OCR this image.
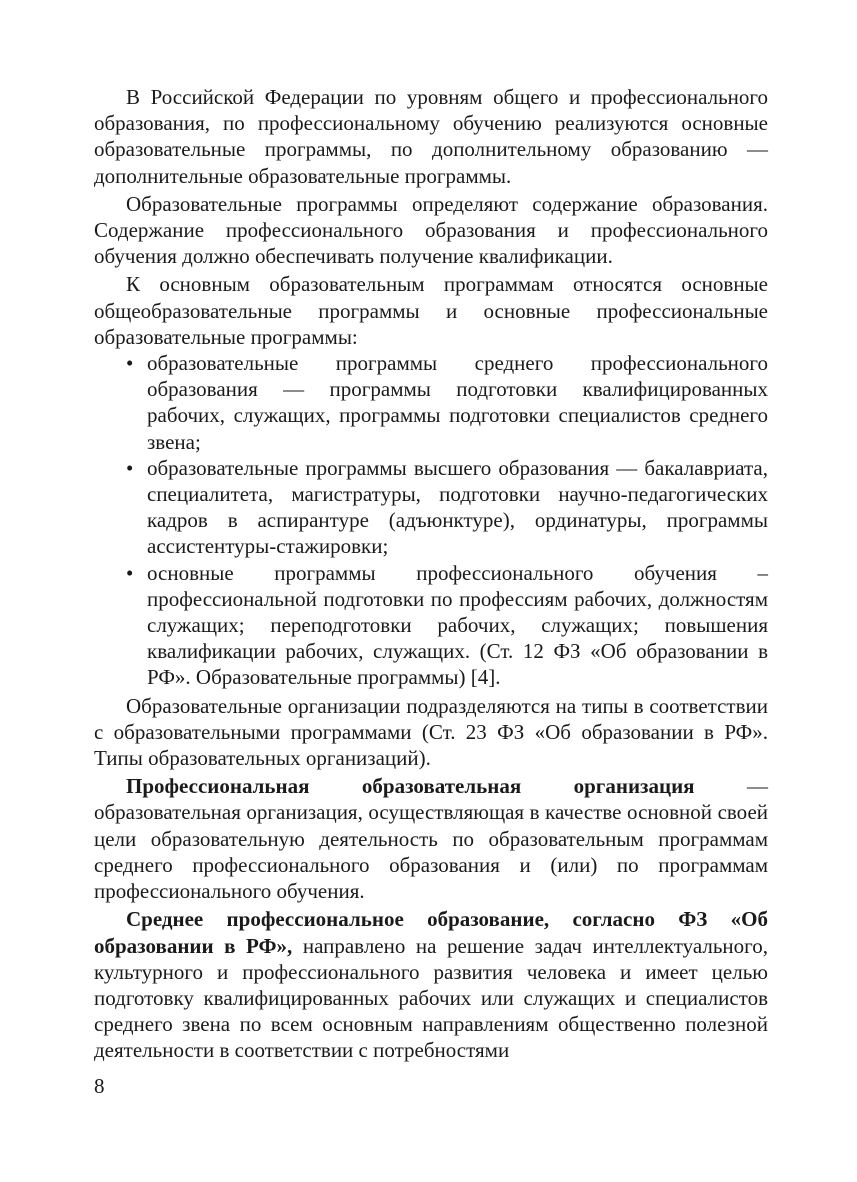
В Российской Федерации по уровням общего и профессионального образования, по профессиональному обучению реализуются основные образовательные программы, по дополнительному образованию — дополнительные образовательные программы.

Образовательные программы определяют содержание образования. Содержание профессионального образования и профессионального обучения должно обеспечивать получение квалификации.

К основным образовательным программам относятся основные общеобразовательные программы и основные профессиональные образовательные программы:

• образовательные программы среднего профессионального образования — программы подготовки квалифицированных рабочих, служащих, программы подготовки специалистов среднего звена;
• образовательные программы высшего образования — бакалавриата, специалитета, магистратуры, подготовки научно-педагогических кадров в аспирантуре (адъюнктуре), ординатуры, программы ассистентуры-стажировки;
• основные программы профессионального обучения –профессиональной подготовки по профессиям рабочих, должностям служащих; переподготовки рабочих, служащих; повышения квалификации рабочих, служащих. (Ст. 12 ФЗ «Об образовании в РФ». Образовательные программы) [4].

Образовательные организации подразделяются на типы в соответствии с образовательными программами (Ст. 23 ФЗ «Об образовании в РФ». Типы образовательных организаций).

Профессиональная образовательная организация — образовательная организация, осуществляющая в качестве основной своей цели образовательную деятельность по образовательным программам среднего профессионального образования и (или) по программам профессионального обучения.

Среднее профессиональное образование, согласно ФЗ «Об образовании в РФ», направлено на решение задач интеллектуального, культурного и профессионального развития человека и имеет целью подготовку квалифицированных рабочих или служащих и специалистов среднего звена по всем основным направлениям общественно полезной деятельности в соответствии с потребностями

8
